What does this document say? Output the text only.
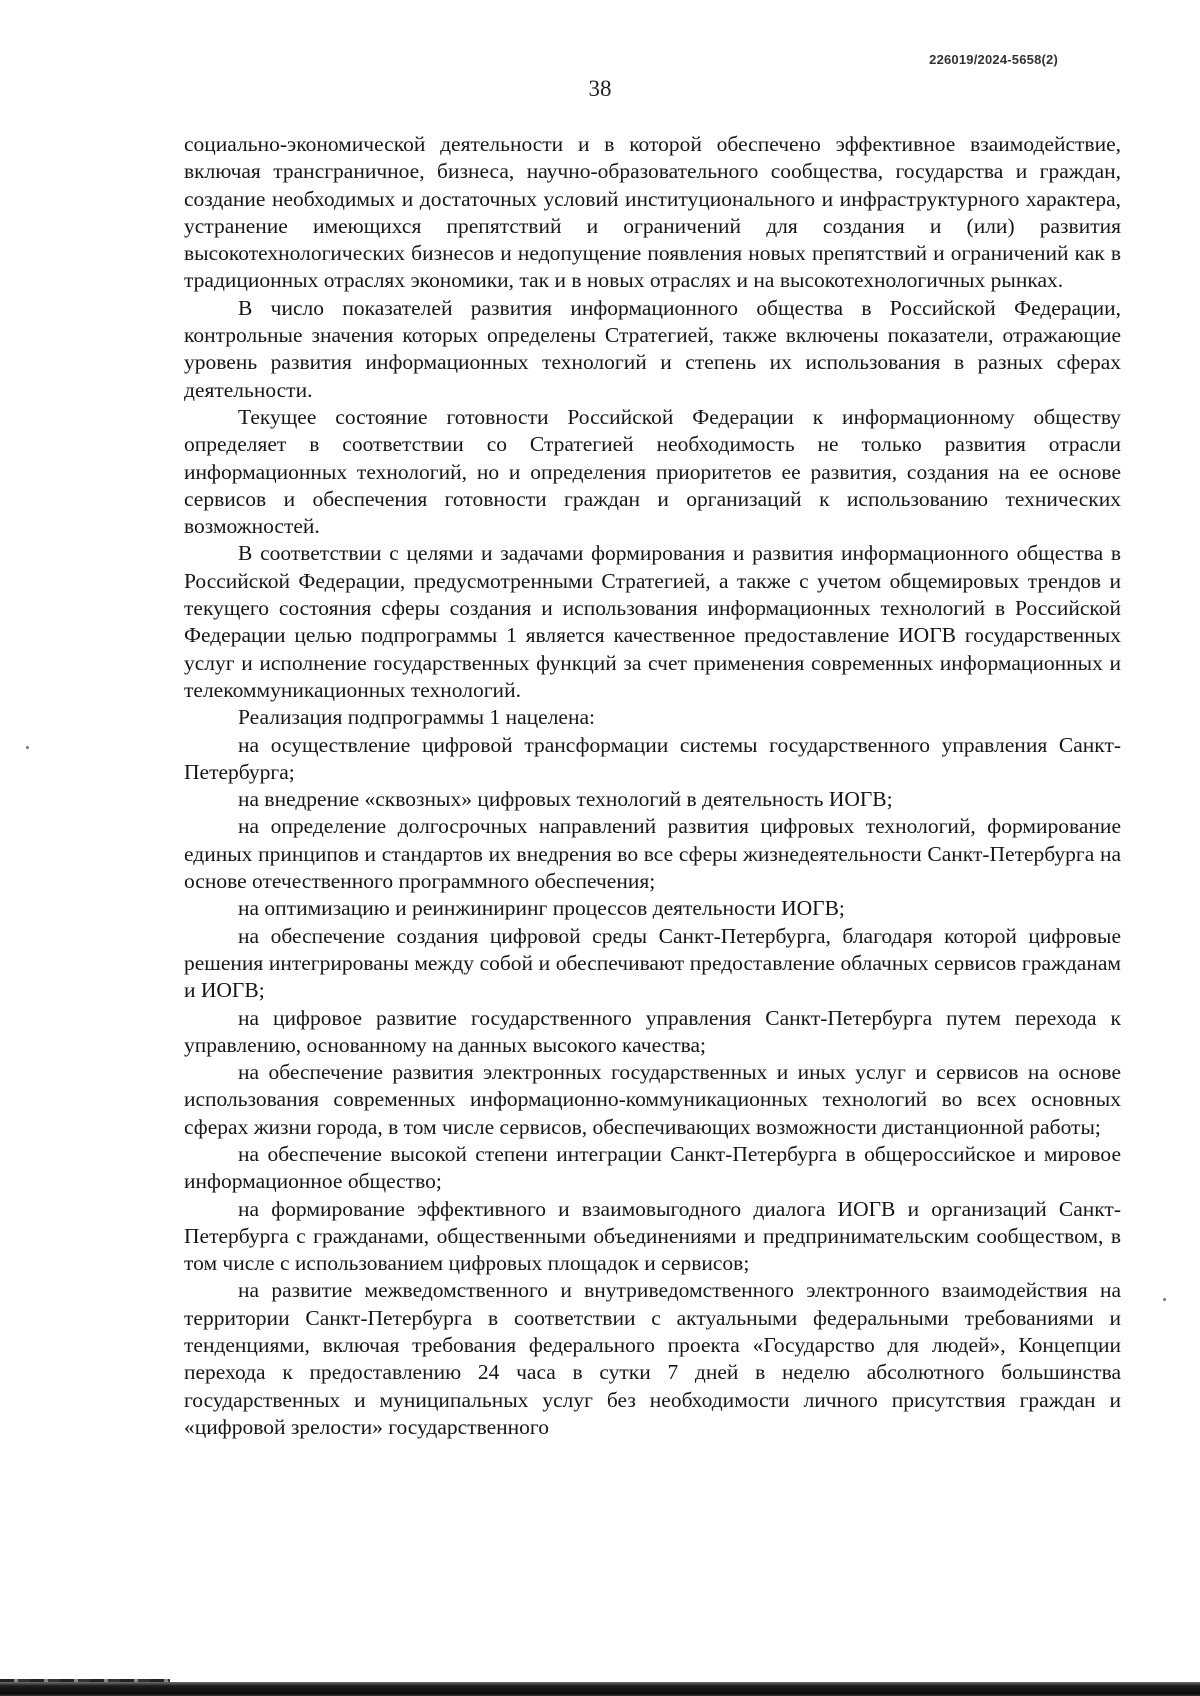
226019/2024-5658(2)
38

социально-экономической деятельности и в которой обеспечено эффективное взаимодействие, включая трансграничное, бизнеса, научно-образовательного сообщества, государства и граждан, создание необходимых и достаточных условий институционального и инфраструктурного характера, устранение имеющихся препятствий и ограничений для создания и (или) развития высокотехнологических бизнесов и недопущение появления новых препятствий и ограничений как в традиционных отраслях экономики, так и в новых отраслях и на высокотехнологичных рынках.

В число показателей развития информационного общества в Российской Федерации, контрольные значения которых определены Стратегией, также включены показатели, отражающие уровень развития информационных технологий и степень их использования в разных сферах деятельности.

Текущее состояние готовности Российской Федерации к информационному обществу определяет в соответствии со Стратегией необходимость не только развития отрасли информационных технологий, но и определения приоритетов ее развития, создания на ее основе сервисов и обеспечения готовности граждан и организаций к использованию технических возможностей.

В соответствии с целями и задачами формирования и развития информационного общества в Российской Федерации, предусмотренными Стратегией, а также с учетом общемировых трендов и текущего состояния сферы создания и использования информационных технологий в Российской Федерации целью подпрограммы 1 является качественное предоставление ИОГВ государственных услуг и исполнение государственных функций за счет применения современных информационных и телекоммуникационных технологий.

Реализация подпрограммы 1 нацелена:

на осуществление цифровой трансформации системы государственного управления Санкт-Петербурга;

на внедрение «сквозных» цифровых технологий в деятельность ИОГВ;

на определение долгосрочных направлений развития цифровых технологий, формирование единых принципов и стандартов их внедрения во все сферы жизнедеятельности Санкт-Петербурга на основе отечественного программного обеспечения;

на оптимизацию и реинжиниринг процессов деятельности ИОГВ;

на обеспечение создания цифровой среды Санкт-Петербурга, благодаря которой цифровые решения интегрированы между собой и обеспечивают предоставление облачных сервисов гражданам и ИОГВ;

на цифровое развитие государственного управления Санкт-Петербурга путем перехода к управлению, основанному на данных высокого качества;

на обеспечение развития электронных государственных и иных услуг и сервисов на основе использования современных информационно-коммуникационных технологий во всех основных сферах жизни города, в том числе сервисов, обеспечивающих возможности дистанционной работы;

на обеспечение высокой степени интеграции Санкт-Петербурга в общероссийское и мировое информационное общество;

на формирование эффективного и взаимовыгодного диалога ИОГВ и организаций Санкт-Петербурга с гражданами, общественными объединениями и предпринимательским сообществом, в том числе с использованием цифровых площадок и сервисов;

на развитие межведомственного и внутриведомственного электронного взаимодействия на территории Санкт-Петербурга в соответствии с актуальными федеральными требованиями и тенденциями, включая требования федерального проекта «Государство для людей», Концепции перехода к предоставлению 24 часа в сутки 7 дней в неделю абсолютного большинства государственных и муниципальных услуг без необходимости личного присутствия граждан и «цифровой зрелости» государственного
